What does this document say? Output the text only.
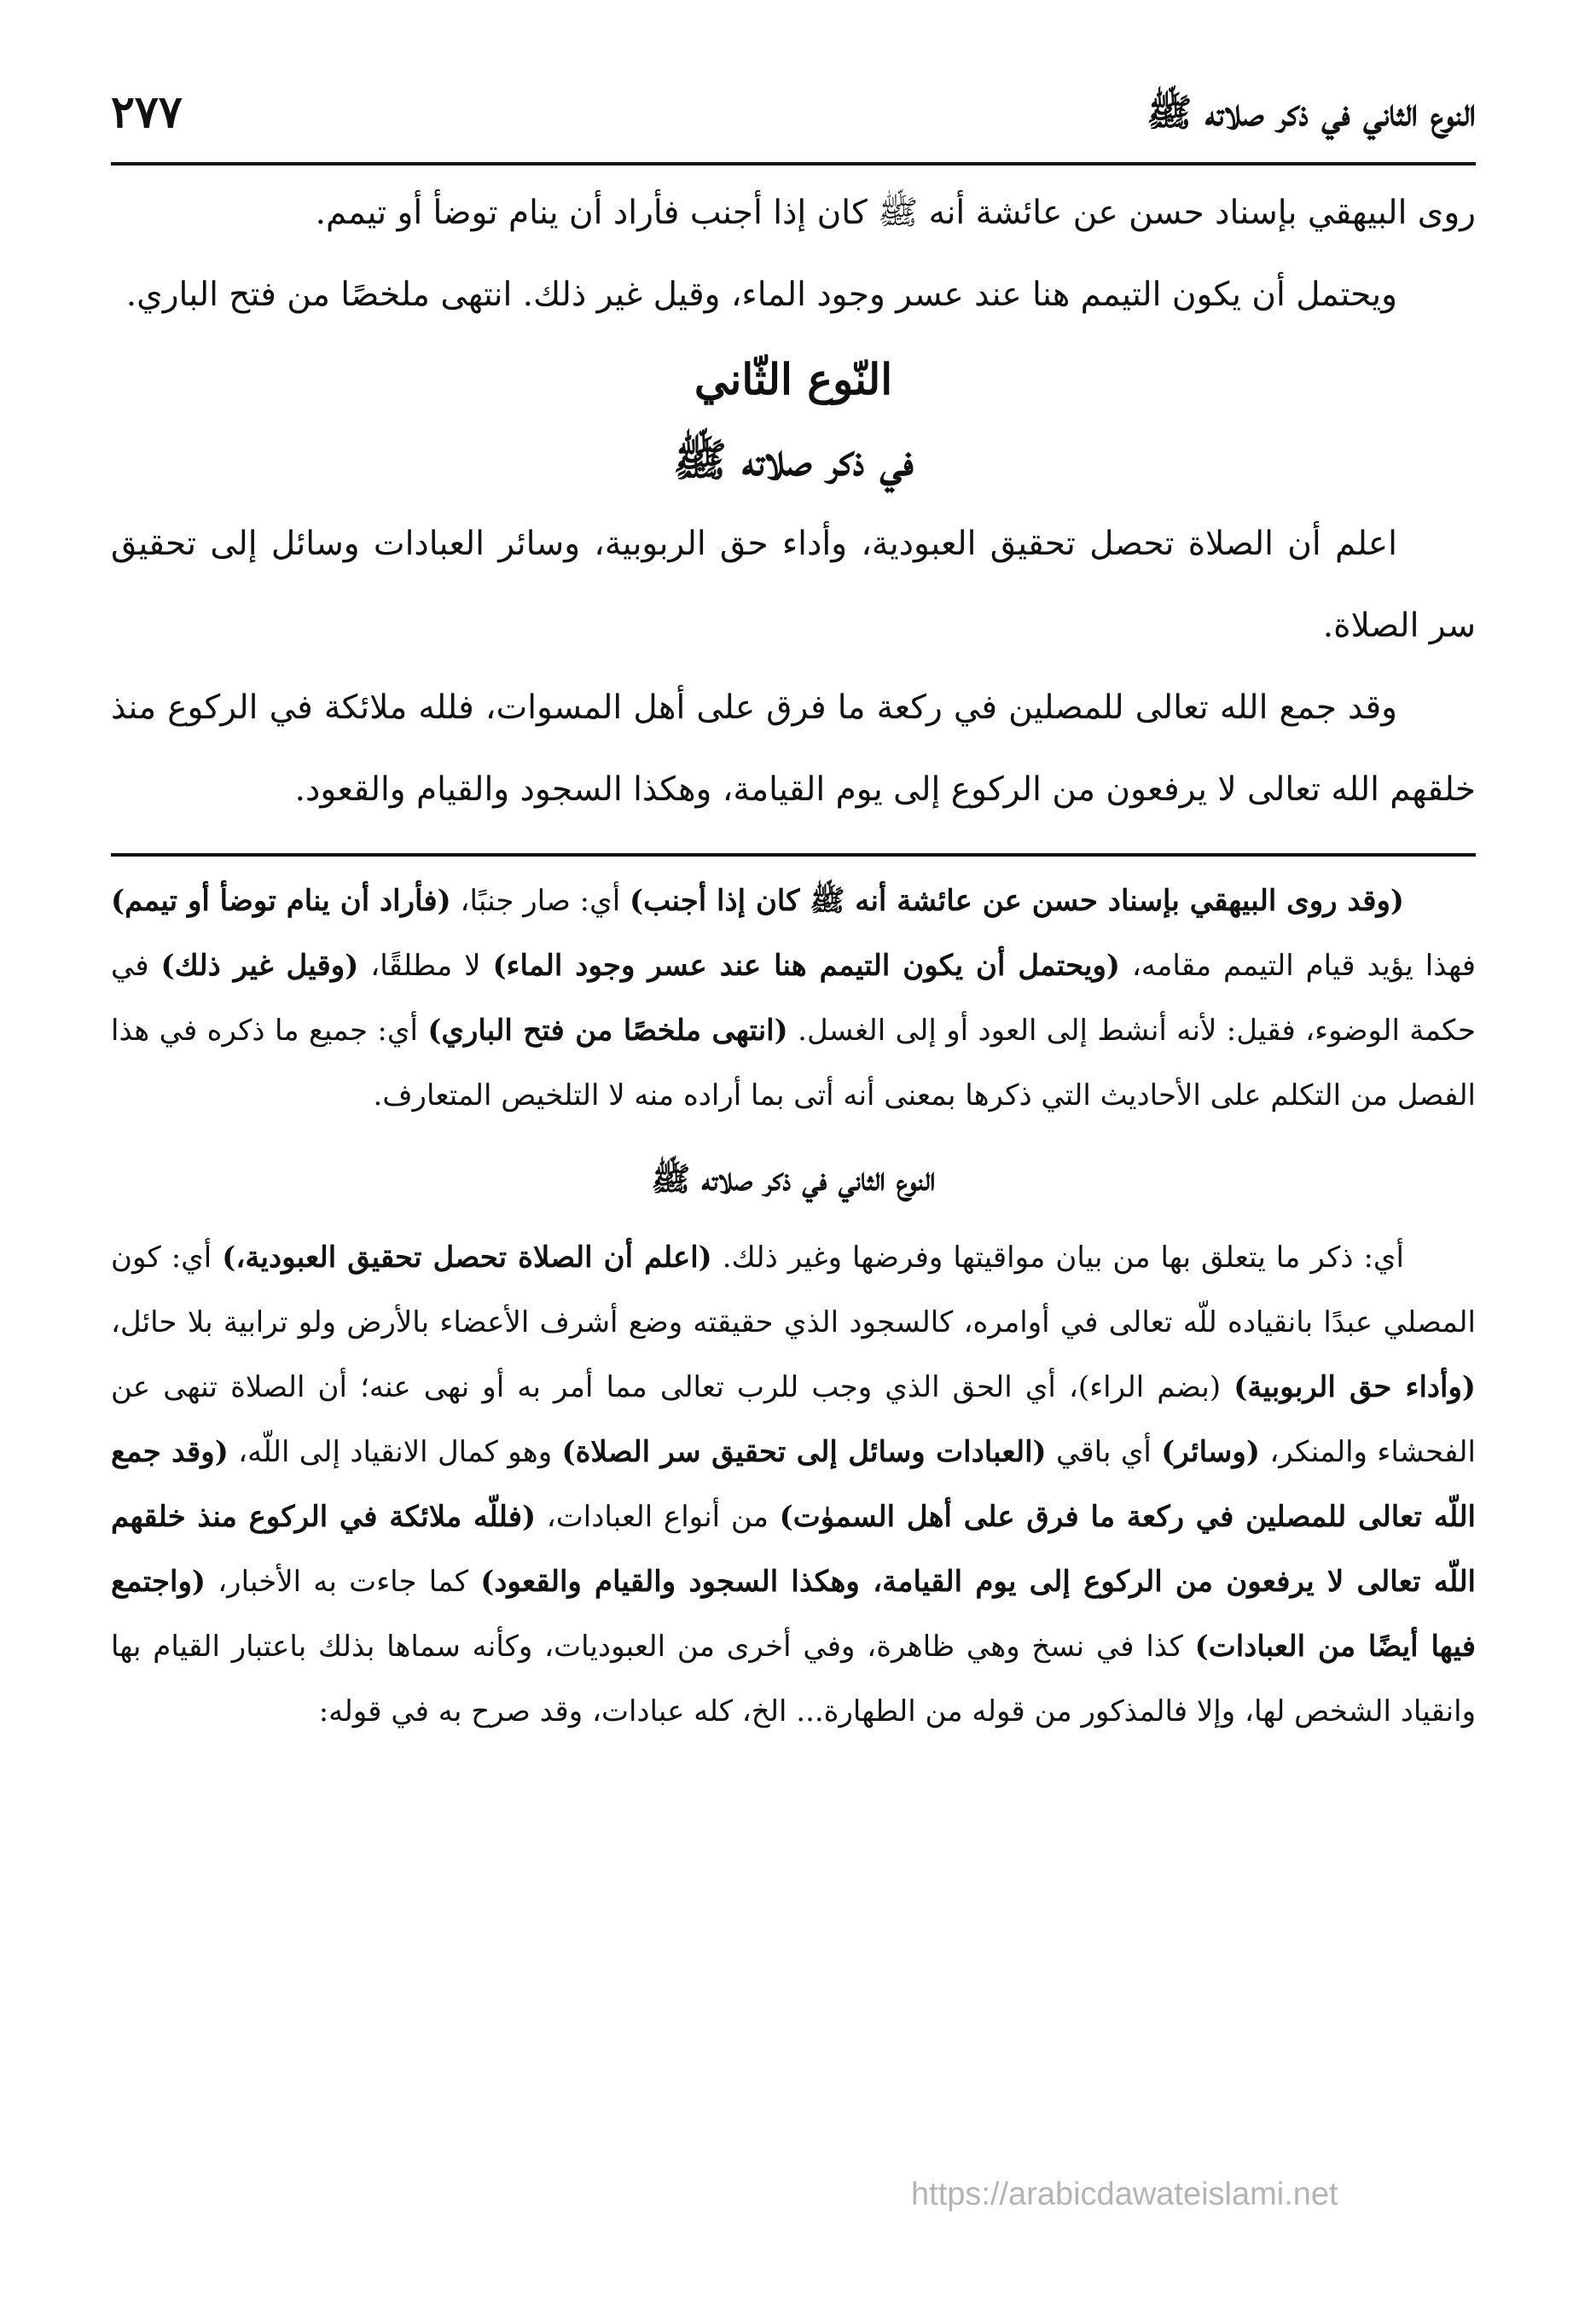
النوع الثاني في ذكر صلاته ﷺ
٢٧٧

روى البيهقي بإسناد حسن عن عائشة أنه ﷺ كان إذا أجنب فأراد أن ينام توضأ أو تيمم.

ويحتمل أن يكون التيمم هنا عند عسر وجود الماء، وقيل غير ذلك. انتهى ملخصًا من فتح الباري.

النّوع الثّاني
في ذكر صلاته ﷺ

اعلم أن الصلاة تحصل تحقيق العبودية، وأداء حق الربوبية، وسائر العبادات وسائل إلى تحقيق سر الصلاة.

وقد جمع الله تعالى للمصلين في ركعة ما فرق على أهل المسوات، فلله ملائكة في الركوع منذ خلقهم الله تعالى لا يرفعون من الركوع إلى يوم القيامة، وهكذا السجود والقيام والقعود.

(وقد روى البيهقي بإسناد حسن عن عائشة أنه ﷺ كان إذا أجنب) أي: صار جنبًا، (فأراد أن ينام توضأ أو تيمم) فهذا يؤيد قيام التيمم مقامه، (ويحتمل أن يكون التيمم هنا عند عسر وجود الماء) لا مطلقًا، (وقيل غير ذلك) في حكمة الوضوء، فقيل: لأنه أنشط إلى العود أو إلى الغسل. (انتهى ملخصًا من فتح الباري) أي: جميع ما ذكره في هذا الفصل من التكلم على الأحاديث التي ذكرها بمعنى أنه أتى بما أراده منه لا التلخيص المتعارف.

النوع الثاني في ذكر صلاته ﷺ

أي: ذكر ما يتعلق بها من بيان مواقيتها وفرضها وغير ذلك. (اعلم أن الصلاة تحصل تحقيق العبودية،) أي: كون المصلي عبدًا بانقياده للّه تعالى في أوامره، كالسجود الذي حقيقته وضع أشرف الأعضاء بالأرض ولو ترابية بلا حائل، (وأداء حق الربوبية) (بضم الراء)، أي الحق الذي وجب للرب تعالى مما أمر به أو نهى عنه؛ أن الصلاة تنهى عن الفحشاء والمنكر، (وسائر) أي باقي (العبادات وسائل إلى تحقيق سر الصلاة) وهو كمال الانقياد إلى اللّه، (وقد جمع اللّه تعالى للمصلين في ركعة ما فرق على أهل السموٰت) من أنواع العبادات، (فللّه ملائكة في الركوع منذ خلقهم اللّه تعالى لا يرفعون من الركوع إلى يوم القيامة، وهكذا السجود والقيام والقعود) كما جاءت به الأخبار، (واجتمع فيها أيضًا من العبادات) كذا في نسخ وهي ظاهرة، وفي أخرى من العبوديات، وكأنه سماها بذلك باعتبار القيام بها وانقياد الشخص لها، وإلا فالمذكور من قوله من الطهارة... الخ، كله عبادات، وقد صرح به في قوله:

https://arabicdawateislami.net
